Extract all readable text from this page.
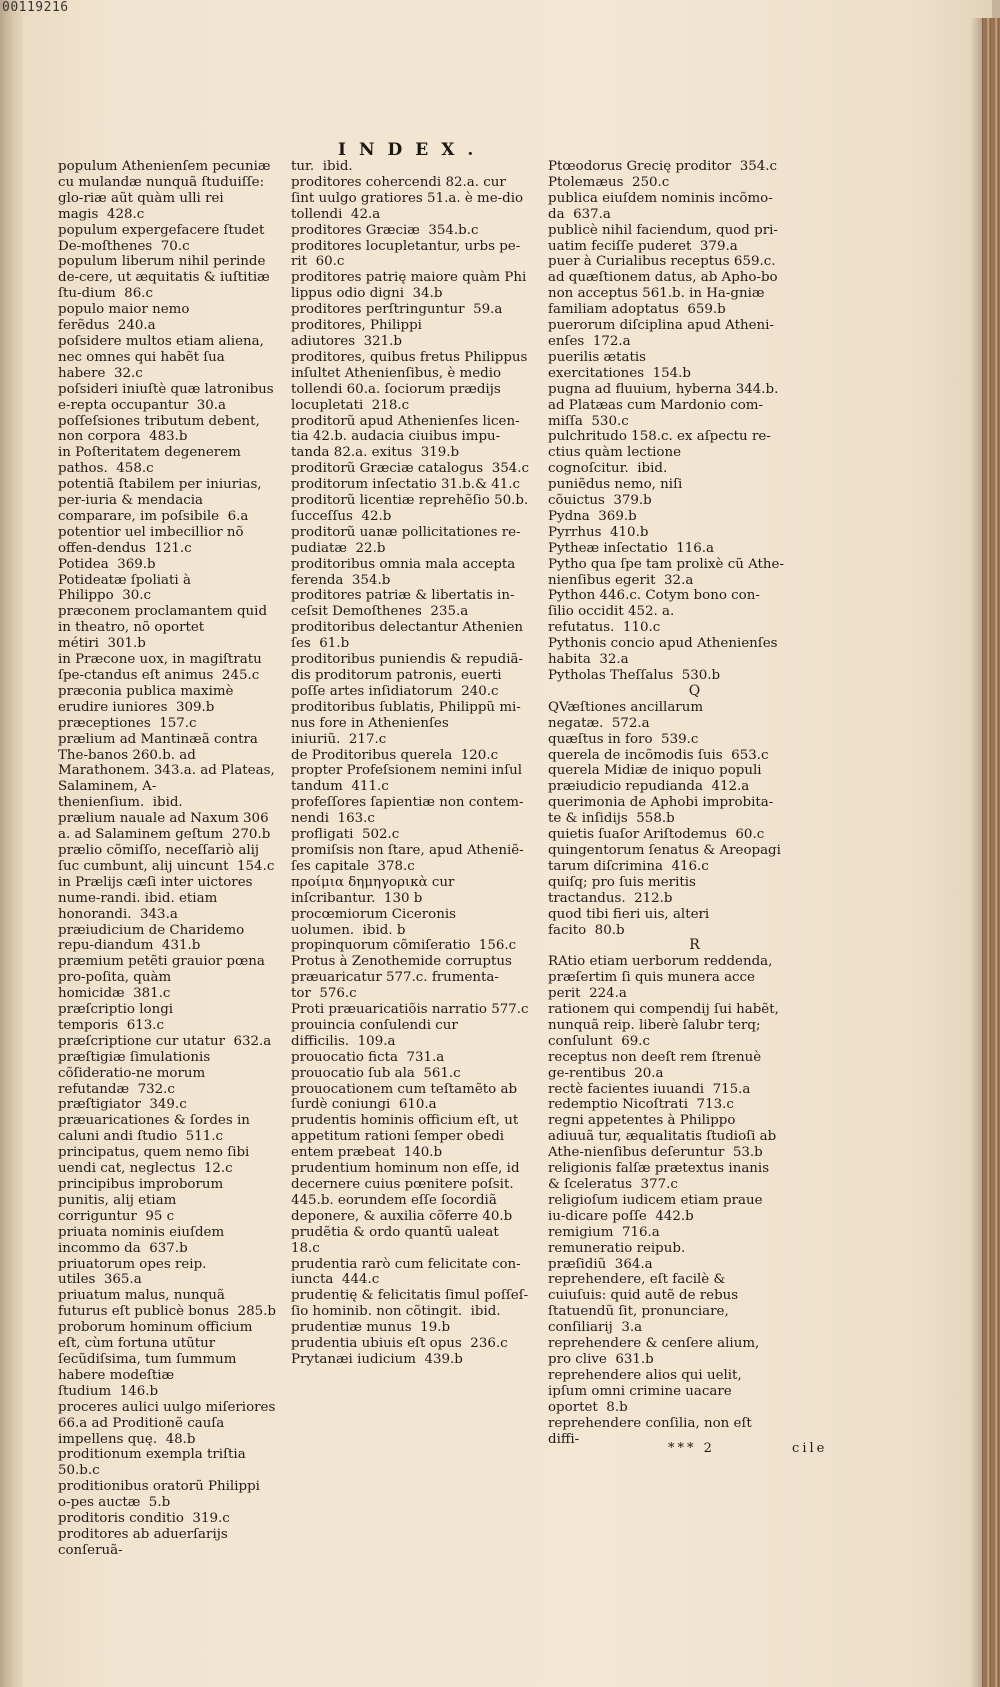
00119216
INDEX.
populum Athenienſem pecuniæ cu mulandæ nunquã ſtuduiſſe: glo-riæ aũt quàm ulli rei magis  428.c
populum expergefacere ſtudet De-moſthenes  70.c
populum liberum nihil perinde de-cere, ut æquitatis & iuſtitiæ ſtu-dium  86.c
populo maior nemo ferẽdus  240.a
poſsidere multos etiam aliena, nec omnes qui habẽt ſua habere  32.c
poſsideri iniuſtè quæ latronibus e-repta occupantur  30.a
poſſeſsiones tributum debent, non corpora  483.b
in Poſteritatem degenerem pathos.  458.c
potentiã ſtabilem per iniurias, per-iuria & mendacia comparare, im poſsibile  6.a
potentior uel imbecillior nõ offen-dendus  121.c
Potidea  369.b
Potideatæ ſpoliati à Philippo  30.c
præconem proclamantem quid in theatro, nõ oportet métiri  301.b
in Præcone uox, in magiſtratu ſpe-ctandus eſt animus  245.c
præconia publica maximè erudire iuniores  309.b
præceptiones  157.c
prælium ad Mantinæã contra The-banos 260.b. ad Marathonem. 343.a. ad Plateas, Salaminem, A-thenienſium.  ibid.
prælium nauale ad Naxum 306 a. ad Salaminem geſtum  270.b
prælio cõmiſſo, neceſſariò alij ſuc cumbunt, alij uincunt  154.c
in Prælijs cæſi inter uictores nume-randi. ibid. etiam honorandi.  343.a
præiudicium de Charidemo repu-diandum  431.b
præmium petẽti grauior pœna pro-poſita, quàm homicidæ  381.c
præſcriptio longi temporis  613.c
præſcriptione cur utatur  632.a
præſtigiæ ſimulationis cõſideratio-ne morum refutandæ  732.c
præſtigiator  349.c
præuaricationes & ſordes in caluni andi ſtudio  511.c
principatus, quem nemo ſibi uendi cat, neglectus  12.c
principibus improborum punitis, alij etiam corriguntur  95 c
priuata nominis eiuſdem incommo da  637.b
priuatorum opes reip. utiles  365.a
priuatum malus, nunquã futurus eſt publicè bonus  285.b
proborum hominum officium eſt, cùm fortuna utũtur ſecũdiſsima, tum ſummum habere modeſtiæ ſtudium  146.b
proceres aulici uulgo miſeriores 66.a ad Proditionẽ cauſa impellens quę.  48.b
proditionum exempla triſtia 50.b.c
proditionibus oratorũ Philippi o-pes auctæ  5.b
proditoris conditio  319.c
proditores ab aduerſarijs conſeruã-
tur.  ibid.
proditores cohercendi 82.a. cur ſint uulgo gratiores 51.a. è me-dio tollendi  42.a
proditores Græciæ  354.b.c
proditores locupletantur, urbs pe-rit  60.c
proditores patrię maiore quàm Phi lippus odio digni  34.b
proditores perſtringuntur  59.a
proditores, Philippi adiutores  321.b
proditores, quibus fretus Philippus inſultet Athenienſibus, è medio tollendi 60.a. ſociorum prædijs locupletati  218.c
proditorũ apud Athenienſes licen-tia 42.b. audacia ciuibus impu-tanda 82.a. exitus  319.b
proditorũ Græciæ catalogus  354.c
proditorum inſectatio 31.b.& 41.c
proditorũ licentiæ reprehẽſio 50.b.
ſucceſſus  42.b
proditorũ uanæ pollicitationes re-pudiatæ  22.b
proditoribus omnia mala accepta ferenda  354.b
proditores patriæ & libertatis in-ceſsit Demoſthenes  235.a
proditoribus delectantur Athenien ſes  61.b
proditoribus puniendis & repudiã-dis proditorum patronis, euerti poſſe artes inſidiatorum  240.c
proditoribus ſublatis, Philippũ mi-nus fore in Athenienſes iniuriũ.  217.c
de Proditoribus querela  120.c
propter Profeſsionem nemini inſul tandum  411.c
profeſſores ſapientiæ non contem-nendi  163.c
profligati  502.c
promiſsis non ſtare, apud Atheniẽ-ſes capitale  378.c
προίμια δημηγορικὰ cur inſcribantur.  130 b
procœmiorum Ciceronis uolumen.  ibid. b
propinquorum cõmiſeratio  156.c
Protus à Zenothemide corruptus præuaricatur 577.c. frumenta-tor  576.c
Proti præuaricatiõis narratio 577.c
prouincia conſulendi cur difficilis.  109.a
prouocatio ficta  731.a
prouocatio ſub ala  561.c
prouocationem cum teſtamẽto ab ſurdè coniungi  610.a
prudentis hominis officium eſt, ut appetitum rationi ſemper obedi entem præbeat  140.b
prudentium hominum non eſſe, id decernere cuius pœnitere poſsit. 445.b. eorundem eſſe ſocordiã deponere, & auxilia cõferre 40.b
prudẽtia & ordo quantũ ualeat 18.c
prudentia rarò cum felicitate con-iuncta  444.c
prudentię & felicitatis ſimul poſſeſ-ſio hominib. non cõtingit.  ibid.
prudentiæ munus  19.b
prudentia ubiuis eſt opus  236.c
Prytanæi iudicium  439.b
Ptœodorus Grecię proditor  354.c
Ptolemæus  250.c
publica eiuſdem nominis incõmo-da  637.a
publicè nihil faciendum, quod pri-uatim feciſſe puderet  379.a
puer à Curialibus receptus 659.c. ad quæſtionem datus, ab Apho-bo non acceptus 561.b. in Ha-gniæ familiam adoptatus  659.b
puerorum diſciplina apud Atheni-enſes  172.a
puerilis ætatis exercitationes  154.b
pugna ad fluuium, hyberna 344.b. ad Platæas cum Mardonio com-miſſa  530.c
pulchritudo 158.c. ex aſpectu re-ctius quàm lectione cognoſcitur.  ibid.
puniẽdus nemo, niſi cõuictus  379.b
Pydna  369.b
Pyrrhus  410.b
Pytheæ inſectatio  116.a
Pytho qua ſpe tam prolixè cũ Athe-nienſibus egerit  32.a
Python 446.c. Cotym bono con-ſilio occidit 452. a. refutatus.  110.c
Pythonis concio apud Athenienſes habita  32.a
Pytholas Theſſalus  530.b
Q
QVæſtiones ancillarum negatæ.  572.a
quæſtus in foro  539.c
querela de incõmodis ſuis  653.c
querela Midiæ de iniquo populi præiudicio repudianda  412.a
querimonia de Aphobi improbita-te & inſidijs  558.b
quietis ſuaſor Ariſtodemus  60.c
quingentorum ſenatus & Areopagi tarum diſcrimina  416.c
quiſq; pro ſuis meritis tractandus.  212.b
quod tibi fieri uis, alteri facito  80.b
R
RAtio etiam uerborum reddenda, præſertim ſi quis munera acce perit  224.a
rationem qui compendij ſui habẽt, nunquã reip. liberè ſalubr terq; conſulunt  69.c
receptus non deeſt rem ſtrenuè ge-rentibus  20.a
rectè facientes iuuandi  715.a
redemptio Nicoſtrati  713.c
regni appetentes à Philippo adiuuã tur, æqualitatis ſtudioſi ab Athe-nienſibus deſeruntur  53.b
religionis falſæ prætextus inanis & ſceleratus  377.c
religioſum iudicem etiam praue iu-dicare poſſe  442.b
remigium  716.a
remuneratio reipub. præſidiũ  364.a
reprehendere, eſt facilè & cuiuſuis: quid autẽ de rebus ſtatuendũ ſit, pronunciare, conſiliarij  3.a
reprehendere & cenſere alium, pro clive  631.b
reprehendere alios qui uelit, ipſum omni crimine uacare oportet  8.b
reprehendere conſilia, non eſt diffi-
*** 2	cile
